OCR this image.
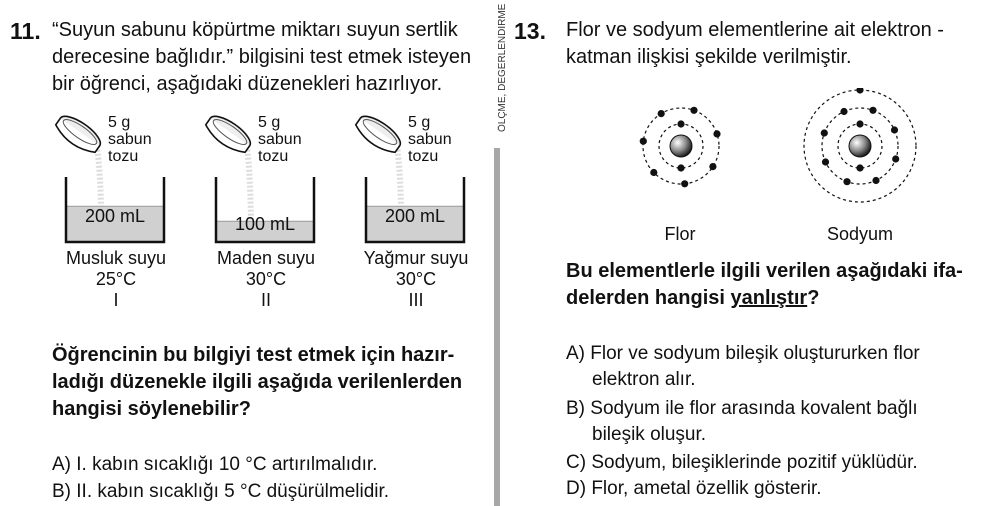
ÖLÇME, DEĞERLENDİRME
11. “Suyun sabunu köpürtme miktarı suyun sertlik
derecesine bağlıdır.” bilgisini test etmek isteyen
bir öğrenci, aşağıdaki düzenekleri hazırlıyor.
5 g
sabun
tozu
200 mL
Musluk suyu
25°C
I
5 g
sabun
tozu
100 mL
Maden suyu
30°C
II
5 g
sabun
tozu
200 mL
Yağmur suyu
30°C
III
Öğrencinin bu bilgiyi test etmek için hazır-
ladığı düzenekle ilgili aşağıda verilenlerden
hangisi söylenebilir?
A) I. kabın sıcaklığı 10 °C artırılmalıdır.
B) II. kabın sıcaklığı 5 °C düşürülmelidir.
13. Flor ve sodyum elementlerine ait elektron -
katman ilişkisi şekilde verilmiştir.
Flor	Sodyum
Bu elementlerle ilgili verilen aşağıdaki ifa-
delerden hangisi yanlıştır?
A) Flor ve sodyum bileşik oluştururken flor
elektron alır.
B) Sodyum ile flor arasında kovalent bağlı
bileşik oluşur.
C) Sodyum, bileşiklerinde pozitif yüklüdür.
D) Flor, ametal özellik gösterir.
